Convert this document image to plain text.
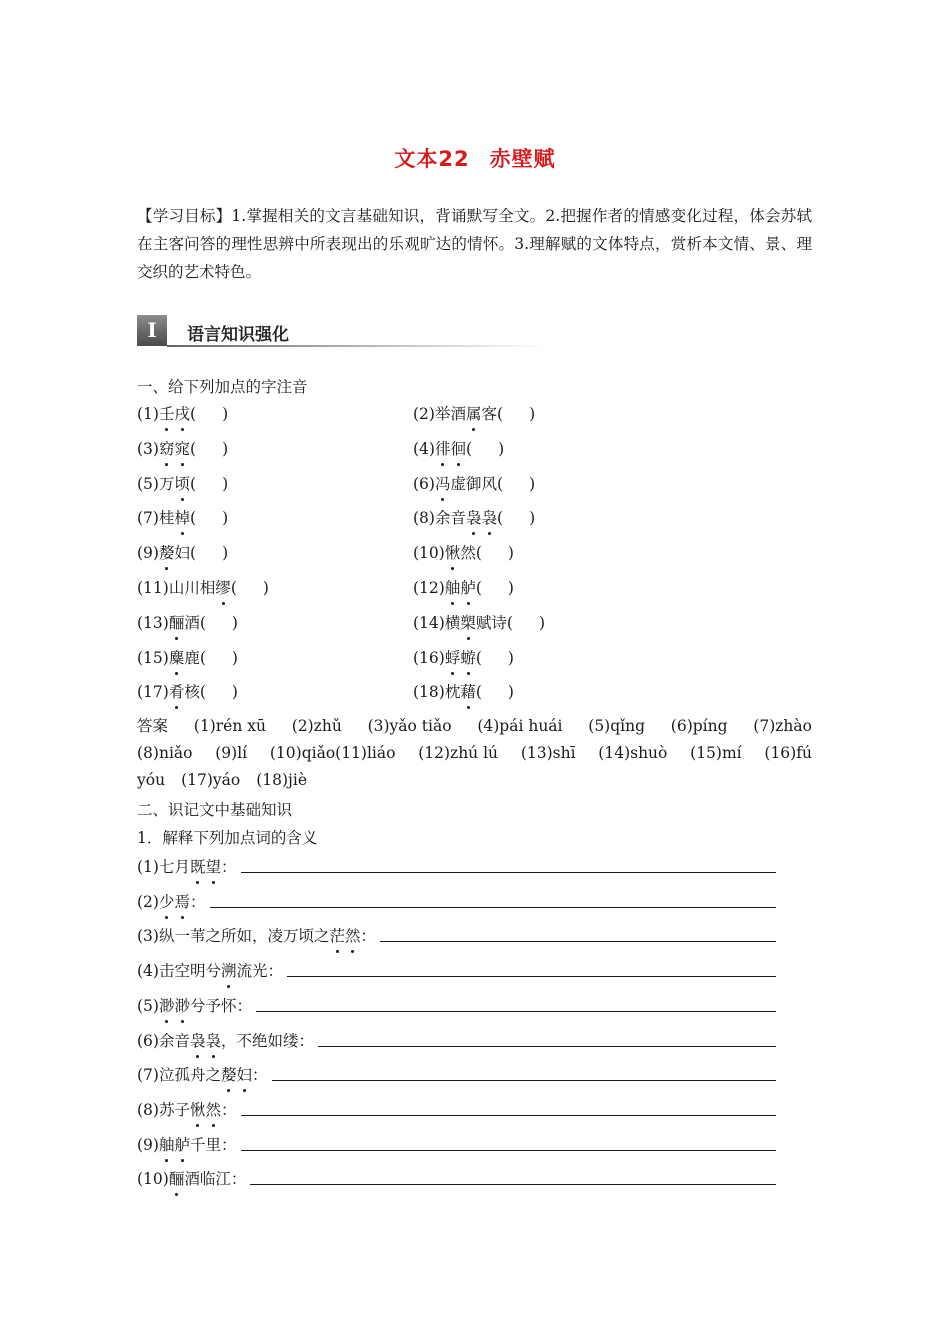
文本22 赤壁赋
【学习目标】1.掌握相关的文言基础知识，背诵默写全文。2.把握作者的情感变化过程，体会苏轼在主客问答的理性思辨中所表现出的乐观旷达的情怀。3.理解赋的文体特点，赏析本文情、景、理交织的艺术特色。
I	语言知识强化
一、给下列加点的字注音
(1)壬戌( )	(2)举酒属客( )
(3)窈窕( )	(4)徘徊( )
(5)万顷( )	(6)冯虚御风( )
(7)桂棹( )	(8)余音袅袅( )
(9)嫠妇( )	(10)愀然( )
(11)山川相缪( )	(12)舳舻( )
(13)酾酒( )	(14)横槊赋诗( )
(15)麋鹿( )	(16)蜉蝣( )
(17)肴核( )	(18)枕藉( )
答案 (1)rén xū (2)zhǔ (3)yǎo tiǎo (4)pái huái (5)qǐng (6)píng (7)zhào
(8)niǎo (9)lí (10)qiǎo(11)liáo (12)zhú lú (13)shī (14)shuò (15)mí (16)fú
yóu (17)yáo (18)jiè
二、识记文中基础知识
1．解释下列加点词的含义
(1)七月既望：
(2)少焉：
(3)纵一苇之所如，凌万顷之茫然：
(4)击空明兮溯流光：
(5)渺渺兮予怀：
(6)余音袅袅，不绝如缕：
(7)泣孤舟之嫠妇：
(8)苏子愀然：
(9)舳舻千里：
(10)酾酒临江：
